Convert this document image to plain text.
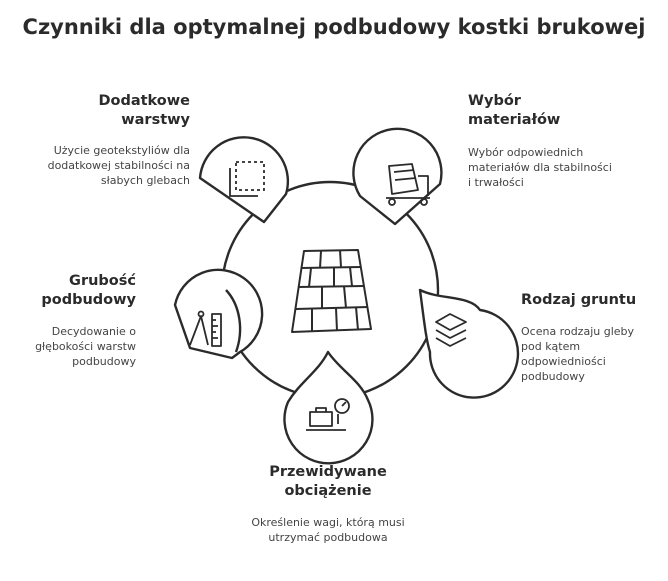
Czynniki dla optymalnej podbudowy kostki brukowej
Dodatkowe warstwy
Użycie geotekstyliów dla dodatkowej stabilności na słabych glebach
Wybór materiałów
Wybór odpowiednich materiałów dla stabilności i trwałości
Grubość podbudowy
Decydowanie o głębokości warstw podbudowy
Rodzaj gruntu
Ocena rodzaju gleby pod kątem odpowiedniości podbudowy
Przewidywane obciążenie
Określenie wagi, którą musi utrzymać podbudowa
